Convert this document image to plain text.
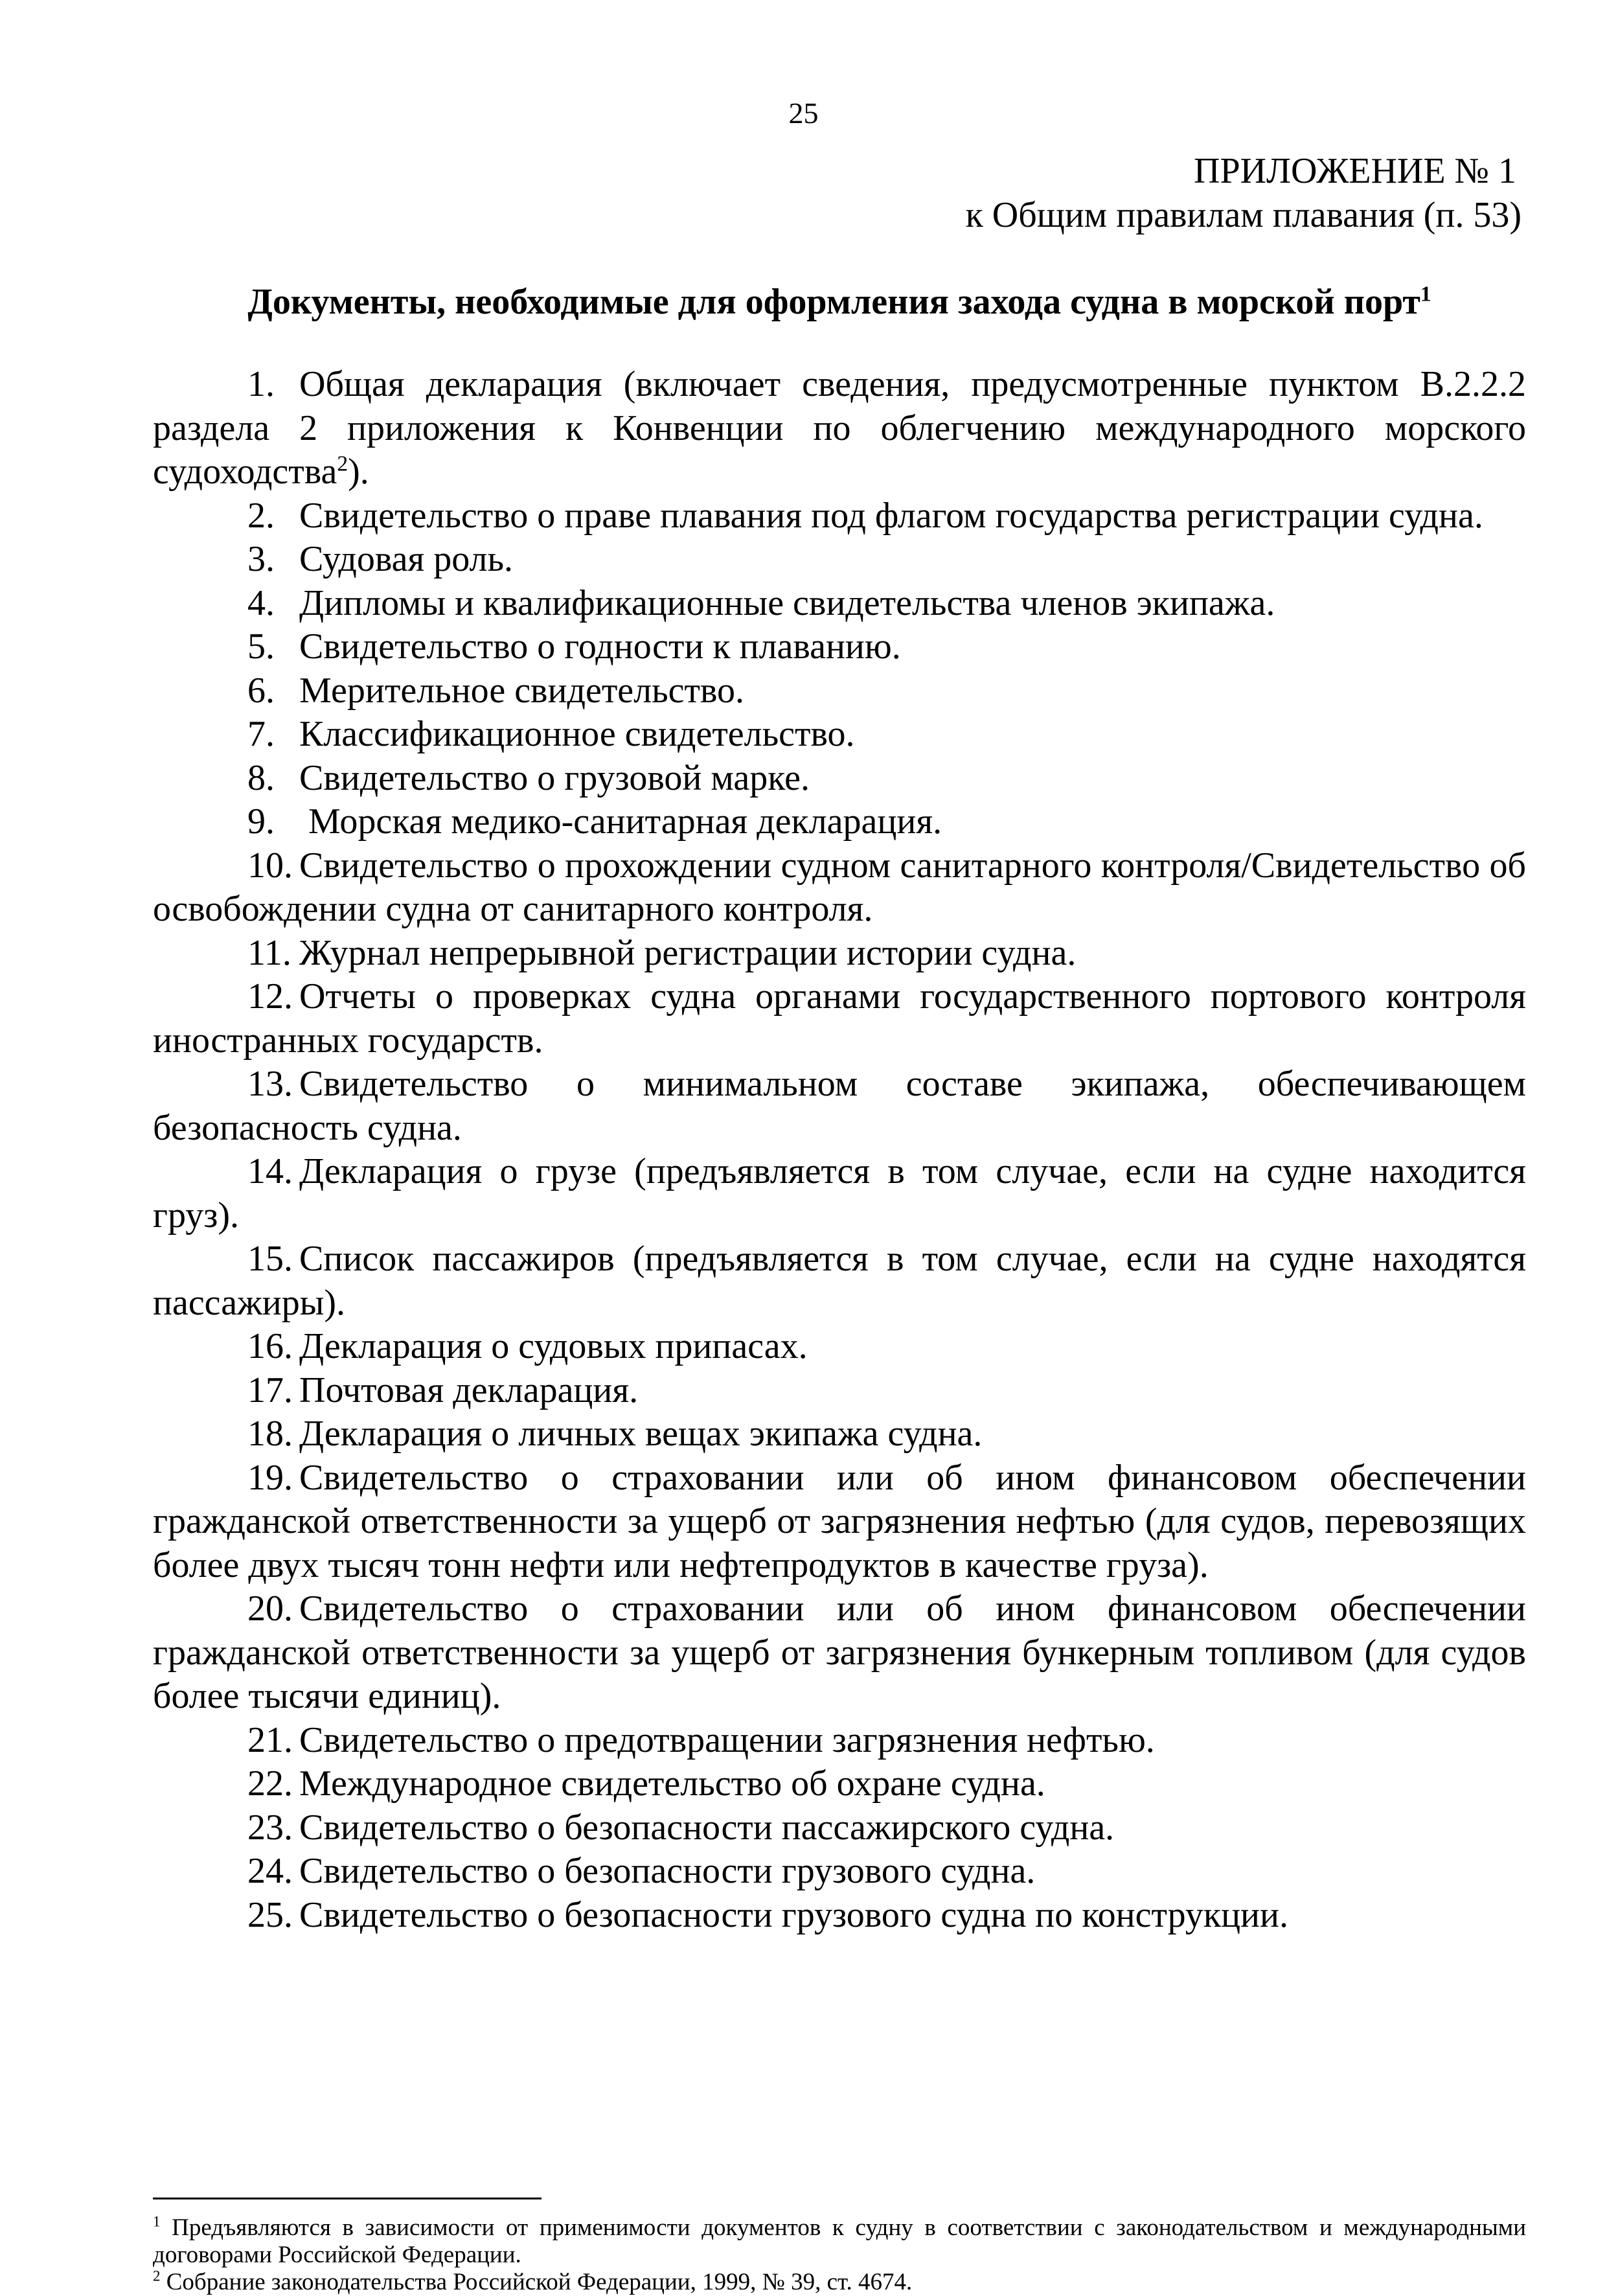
25
ПРИЛОЖЕНИЕ № 1
к Общим правилам плавания (п. 53)
Документы, необходимые для оформления захода судна в морской порт$^1$

1. Общая декларация (включает сведения, предусмотренные пунктом В.2.2.2 раздела 2 приложения к Конвенции по облегчению международного морского судоходства$^2$).

2. Свидетельство о праве плавания под флагом государства регистрации судна.

3. Судовая роль.

4. Дипломы и квалификационные свидетельства членов экипажа.

5. Свидетельство о годности к плаванию.

6. Мерительное свидетельство.

7. Классификационное свидетельство.

8. Свидетельство о грузовой марке.

9. Морская медико-санитарная декларация.

10. Свидетельство о прохождении судном санитарного контроля/Свидетельство об освобождении судна от санитарного контроля.

11. Журнал непрерывной регистрации истории судна.

12. Отчеты о проверках судна органами государственного портового контроля иностранных государств.

13. Свидетельство о минимальном составе экипажа, обеспечивающем безопасность судна.

14. Декларация о грузе (предъявляется в том случае, если на судне находится груз).

15. Список пассажиров (предъявляется в том случае, если на судне находятся пассажиры).

16. Декларация о судовых припасах.

17. Почтовая декларация.

18. Декларация о личных вещах экипажа судна.

19. Свидетельство о страховании или об ином финансовом обеспечении гражданской ответственности за ущерб от загрязнения нефтью (для судов, перевозящих более двух тысяч тонн нефти или нефтепродуктов в качестве груза).

20. Свидетельство о страховании или об ином финансовом обеспечении гражданской ответственности за ущерб от загрязнения бункерным топливом (для судов более тысячи единиц).

21. Свидетельство о предотвращении загрязнения нефтью.

22. Международное свидетельство об охране судна.

23. Свидетельство о безопасности пассажирского судна.

24. Свидетельство о безопасности грузового судна.

25. Свидетельство о безопасности грузового судна по конструкции.

$^1$ Предъявляются в зависимости от применимости документов к судну в соответствии с законодательством и международными договорами Российской Федерации.

$^2$ Собрание законодательства Российской Федерации, 1999, № 39, ст. 4674.
